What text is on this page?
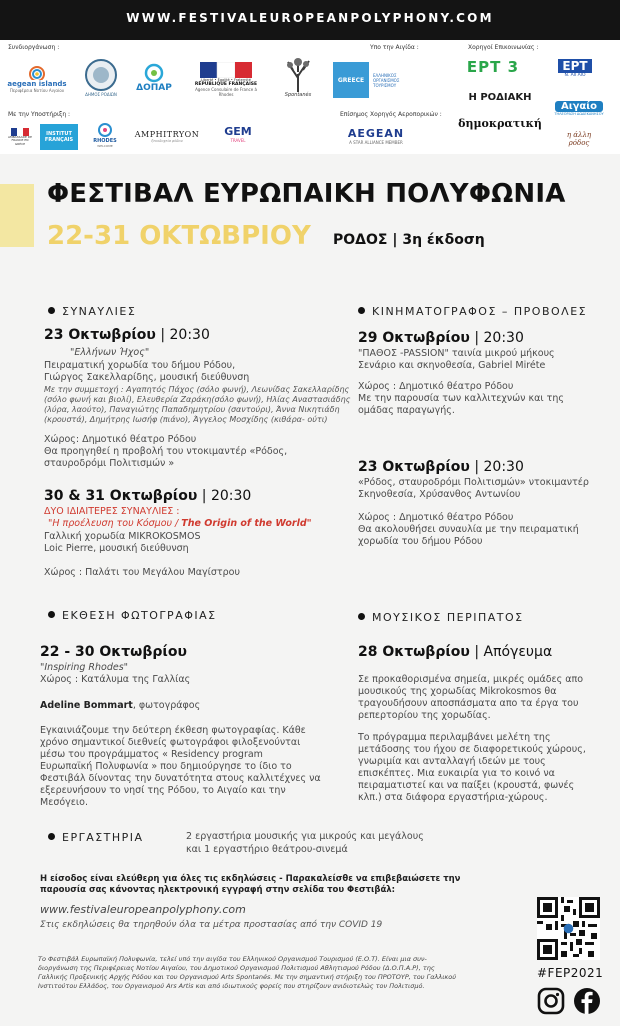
WWW.FESTIVALEUROPEANPOLYPHONY.COM
Συνδιοργάνωση :	Υπο την Αιγίδα :	Χορηγοί Επικοινωνίας :
Με την Υποστήριξη :	Επίσημος Χορηγός Αεροπορικών :
aegean islands
Περιφέρεια Νοτίου Αιγαίου
ΔΗΜΟΣ ΡΟΔΙΩΝ
ΔΟΠΑΡ
Liberté • Égalité • Fraternité
RÉPUBLIQUE FRANÇAISE
Agence Consulaire de France à Rhodes	Spontanés
GREECE
ΕΛΛΗΝΙΚΟΣ ΟΡΓΑΝΙΣΜΟΣ ΤΟΥΡΙΣΜΟΥ
ΕΡΤ 3	ΕΡΤ
Ν. ΑΙΓΑΙΟ
Η ΡΟΔΙΑΚΗ
Αιγαίο
ΤΗΛΕΟΡΑΣΗ ΔΩΔΕΚΑΝΗΣΟΥ
δημοκρατική
η άλλη ρόδος
AMBASSADE DE FRANCE EN GRÈCE
INSTITUT FRANÇAIS	RHODES
WELCOME
AMPHITRYON
ξενοδοχεία ρόδου
GEM
TRAVEL
AEGEAN
A STAR ALLIANCE MEMBER
ΦΕΣΤΙΒΑΛ ΕΥΡΩΠΑΙΚΗ ΠΟΛΥΦΩΝΙΑ
22-31 ΟΚΤΩΒΡΙΟΥ ΡΟΔΟΣ | 3η έκδοση
ΣΥΝΑΥΛΙΕΣ
23 Οκτωβρίου | 20:30
"Ελλήνων Ήχος"
Πειραματική χορωδία του δήμου Ρόδου,
Γιώργος Σακελλαρίδης, μουσική διεύθυνση
Με την συμμετοχή : Αγαπητός Πάχος (σόλο φωνή), Λεωνίδας Σακελλαρίδης
(σόλο φωνή και βιολί), Ελευθερία Ζαράκη(σόλο φωνή), Ηλίας Αναστασιάδης
(λύρα, λαούτο), Παναγιώτης Παπαδημητρίου (σαντούρι), Άννα Νικητιάδη
(κρουστά), Δημήτρης Ιωσήφ (πιάνο), Άγγελος Μοσχίδης (κιθάρα- ούτι)
Χώρος: Δημοτικό θέατρο Ρόδου
Θα προηγηθεί η προβολή του ντοκιμαντέρ «Ρόδος,
σταυροδρόμι Πολιτισμών »
30 & 31 Οκτωβρίου | 20:30
ΔΥΟ ΙΔΙΑΙΤΕΡΕΣ ΣΥΝΑΥΛΙΕΣ :
"Η προέλευση του Κόσμου / The Origin of the World"
Γαλλική χορωδία MIKROKOSMOS
Loic Pierre, μουσική διεύθυνση
Χώρος : Παλάτι του Μεγάλου Μαγίστρου
ΚΙΝΗΜΑΤΟΓΡΑΦΟΣ – ΠΡΟΒΟΛΕΣ
29 Οκτωβρίου | 20:30
"ΠΑΘΟΣ -PASSION" ταινία μικρού μήκους
Σενάριο και σκηνοθεσία, Gabriel Miréte
Χώρος : Δημοτικό θέατρο Ρόδου
Με την παρουσία των καλλιτεχνών και της
ομάδας παραγωγής.
23 Οκτωβρίου | 20:30
«Ρόδος, σταυροδρόμι Πολιτισμών» ντοκιμαντέρ
Σκηνοθεσία, Χρύσανθος Αντωνίου
Χώρος : Δημοτικό θέατρο Ρόδου
Θα ακολουθήσει συναυλία με την πειραματική
χορωδία του δήμου Ρόδου
ΕΚΘΕΣΗ ΦΩΤΟΓΡΑΦΙΑΣ
22 - 30 Οκτωβρίου
"Inspiring Rhodes"
Χώρος : Κατάλυμα της Γαλλίας
Adeline Bommart, φωτογράφος
Εγκαινιάζουμε την δεύτερη έκθεση φωτογραφίας. Κάθε
χρόνο σημαντικοί διεθνείς φωτογράφοι φιλοξενούνται
μέσω του προγράμματος « Residency program
Ευρωπαϊκή Πολυφωνία » που δημιούργησε το ίδιο το
Φεστιβάλ δίνοντας την δυνατότητα στους καλλιτέχνες να
εξερευνήσουν το νησί της Ρόδου, το Αιγαίο και την
Μεσόγειο.
ΜΟΥΣΙΚΟΣ ΠΕΡΙΠΑΤΟΣ
28 Οκτωβρίου | Απόγευμα
Σε προκαθορισμένα σημεία, μικρές ομάδες απο
μουσικούς της χορωδίας Mikrokosmos θα
τραγουδήσουν αποσπάσματα απο τα έργα του
ρεπερτορίου της χορωδίας.
Το πρόγραμμα περιλαμβάνει μελέτη της
μετάδοσης του ήχου σε διαφορετικούς χώρους,
γνωριμία και ανταλλαγή ιδεών με τους
επισκέπτες. Μια ευκαιρία για το κοινό να
πειραματιστεί και να παίξει (κρουστά, φωνές
κλπ.) στα διάφορα εργαστήρια-χώρους.
ΕΡΓΑΣΤΗΡΙΑ	2 εργαστήρια μουσικής για μικρούς και μεγάλους
και 1 εργαστήριο θεάτρου-σινεμά
Η είσοδος είναι ελεύθερη για όλες τις εκδηλώσεις - Παρακαλείσθε να επιβεβαιώσετε την
παρουσία σας κάνοντας ηλεκτρονική εγγραφή στην σελίδα του Φεστιβάλ:
www.festivaleuropeanpolyphony.com
Στις εκδηλώσεις θα τηρηθούν όλα τα μέτρα προστασίας από την COVID 19
Το Φεστιβάλ Ευρωπαϊκή Πολυφωνία, τελεί υπό την αιγίδα του Ελληνικού Οργανισμού Τουρισμού (Ε.Ο.Τ). Είναι μια συν-
διοργάνωση της Περιφέρειας Νοτίου Αιγαίου, του Δημοτικού Οργανισμού Πολιτισμού Αθλητισμού Ρόδου (Δ.Ο.Π.Α.Ρ), της
Γαλλικής Προξενικής Αρχής Ρόδου και του Οργανισμού Arts Spontanés. Με την σημαντική στήριξη του ΠΡΟΤΟΥΡ, του Γαλλικού
Ινστιτούτου Ελλάδος, του Οργανισμού Ars Artis και από ιδιωτικούς φορείς που στηρίζουν ανιδιοτελώς τον Πολιτισμό.
#FEP2021
